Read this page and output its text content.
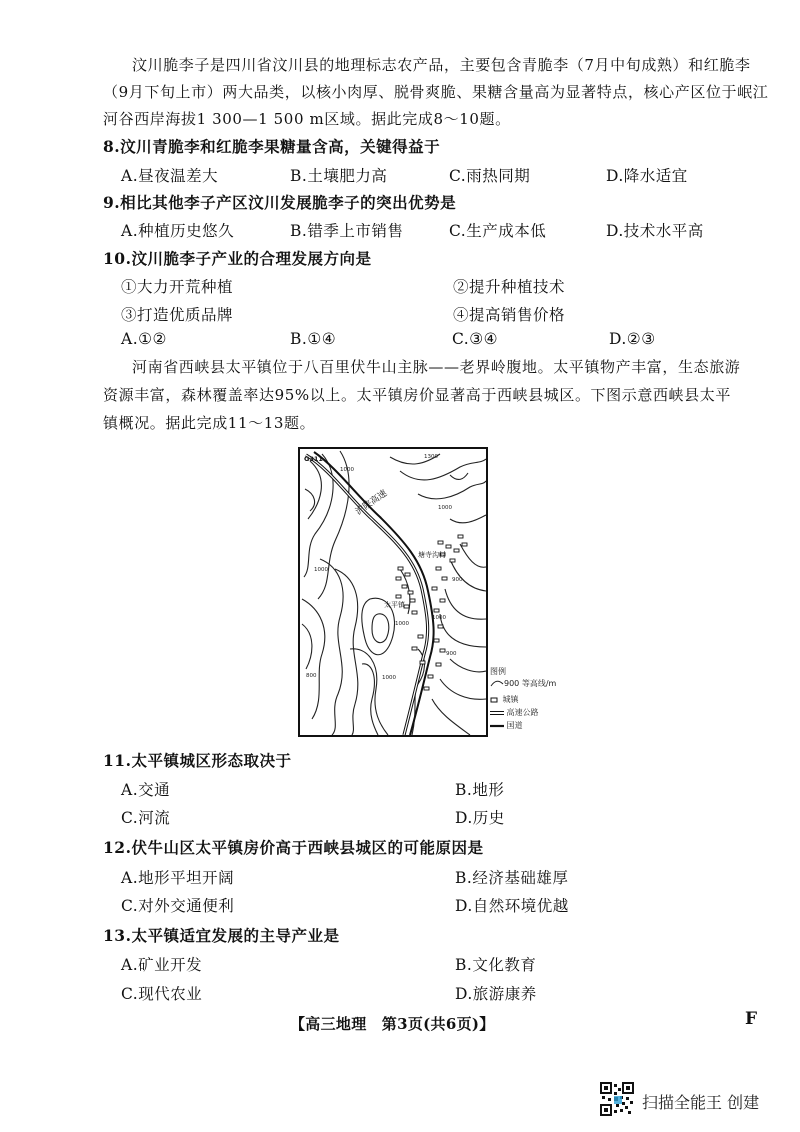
汶川脆李子是四川省汶川县的地理标志农产品，主要包含青脆李（7月中旬成熟）和红脆李
（9月下旬上市）两大品类，以核小肉厚、脱骨爽脆、果糖含量高为显著特点，核心产区位于岷江
河谷西岸海拔1 300—1 500 m区域。据此完成8～10题。
8.汶川青脆李和红脆李果糖量含高，关键得益于
A.昼夜温差大	B.土壤肥力高	C.雨热同期	D.降水适宜
9.相比其他李子产区汶川发展脆李子的突出优势是
A.种植历史悠久	B.错季上市销售	C.生产成本低	D.技术水平高
10.汶川脆李子产业的合理发展方向是
①大力开荒种植	②提升种植技术
③打造优质品牌	④提高销售价格
A.①②	B.①④	C.③④	D.②③
河南省西峡县太平镇位于八百里伏牛山主脉——老界岭腹地。太平镇物产丰富，生态旅游
资源丰富，森林覆盖率达95%以上。太平镇房价显著高于西峡县城区。下图示意西峡县太平
镇概况。据此完成11～13题。
1300
1000
1000
1000
900
1000
1000
900
1000
800
G311
沪陕高速
塘寺沟村
太平镇
图例
900 等高线/m
城镇
高速公路
国道
11.太平镇城区形态取决于
A.交通	B.地形
C.河流	D.历史
12.伏牛山区太平镇房价高于西峡县城区的可能原因是
A.地形平坦开阔	B.经济基础雄厚
C.对外交通便利	D.自然环境优越
13.太平镇适宜发展的主导产业是
A.矿业开发	B.文化教育
C.现代农业	D.旅游康养
【高三地理　第3页(共6页)】	F
扫描全能王 创建
